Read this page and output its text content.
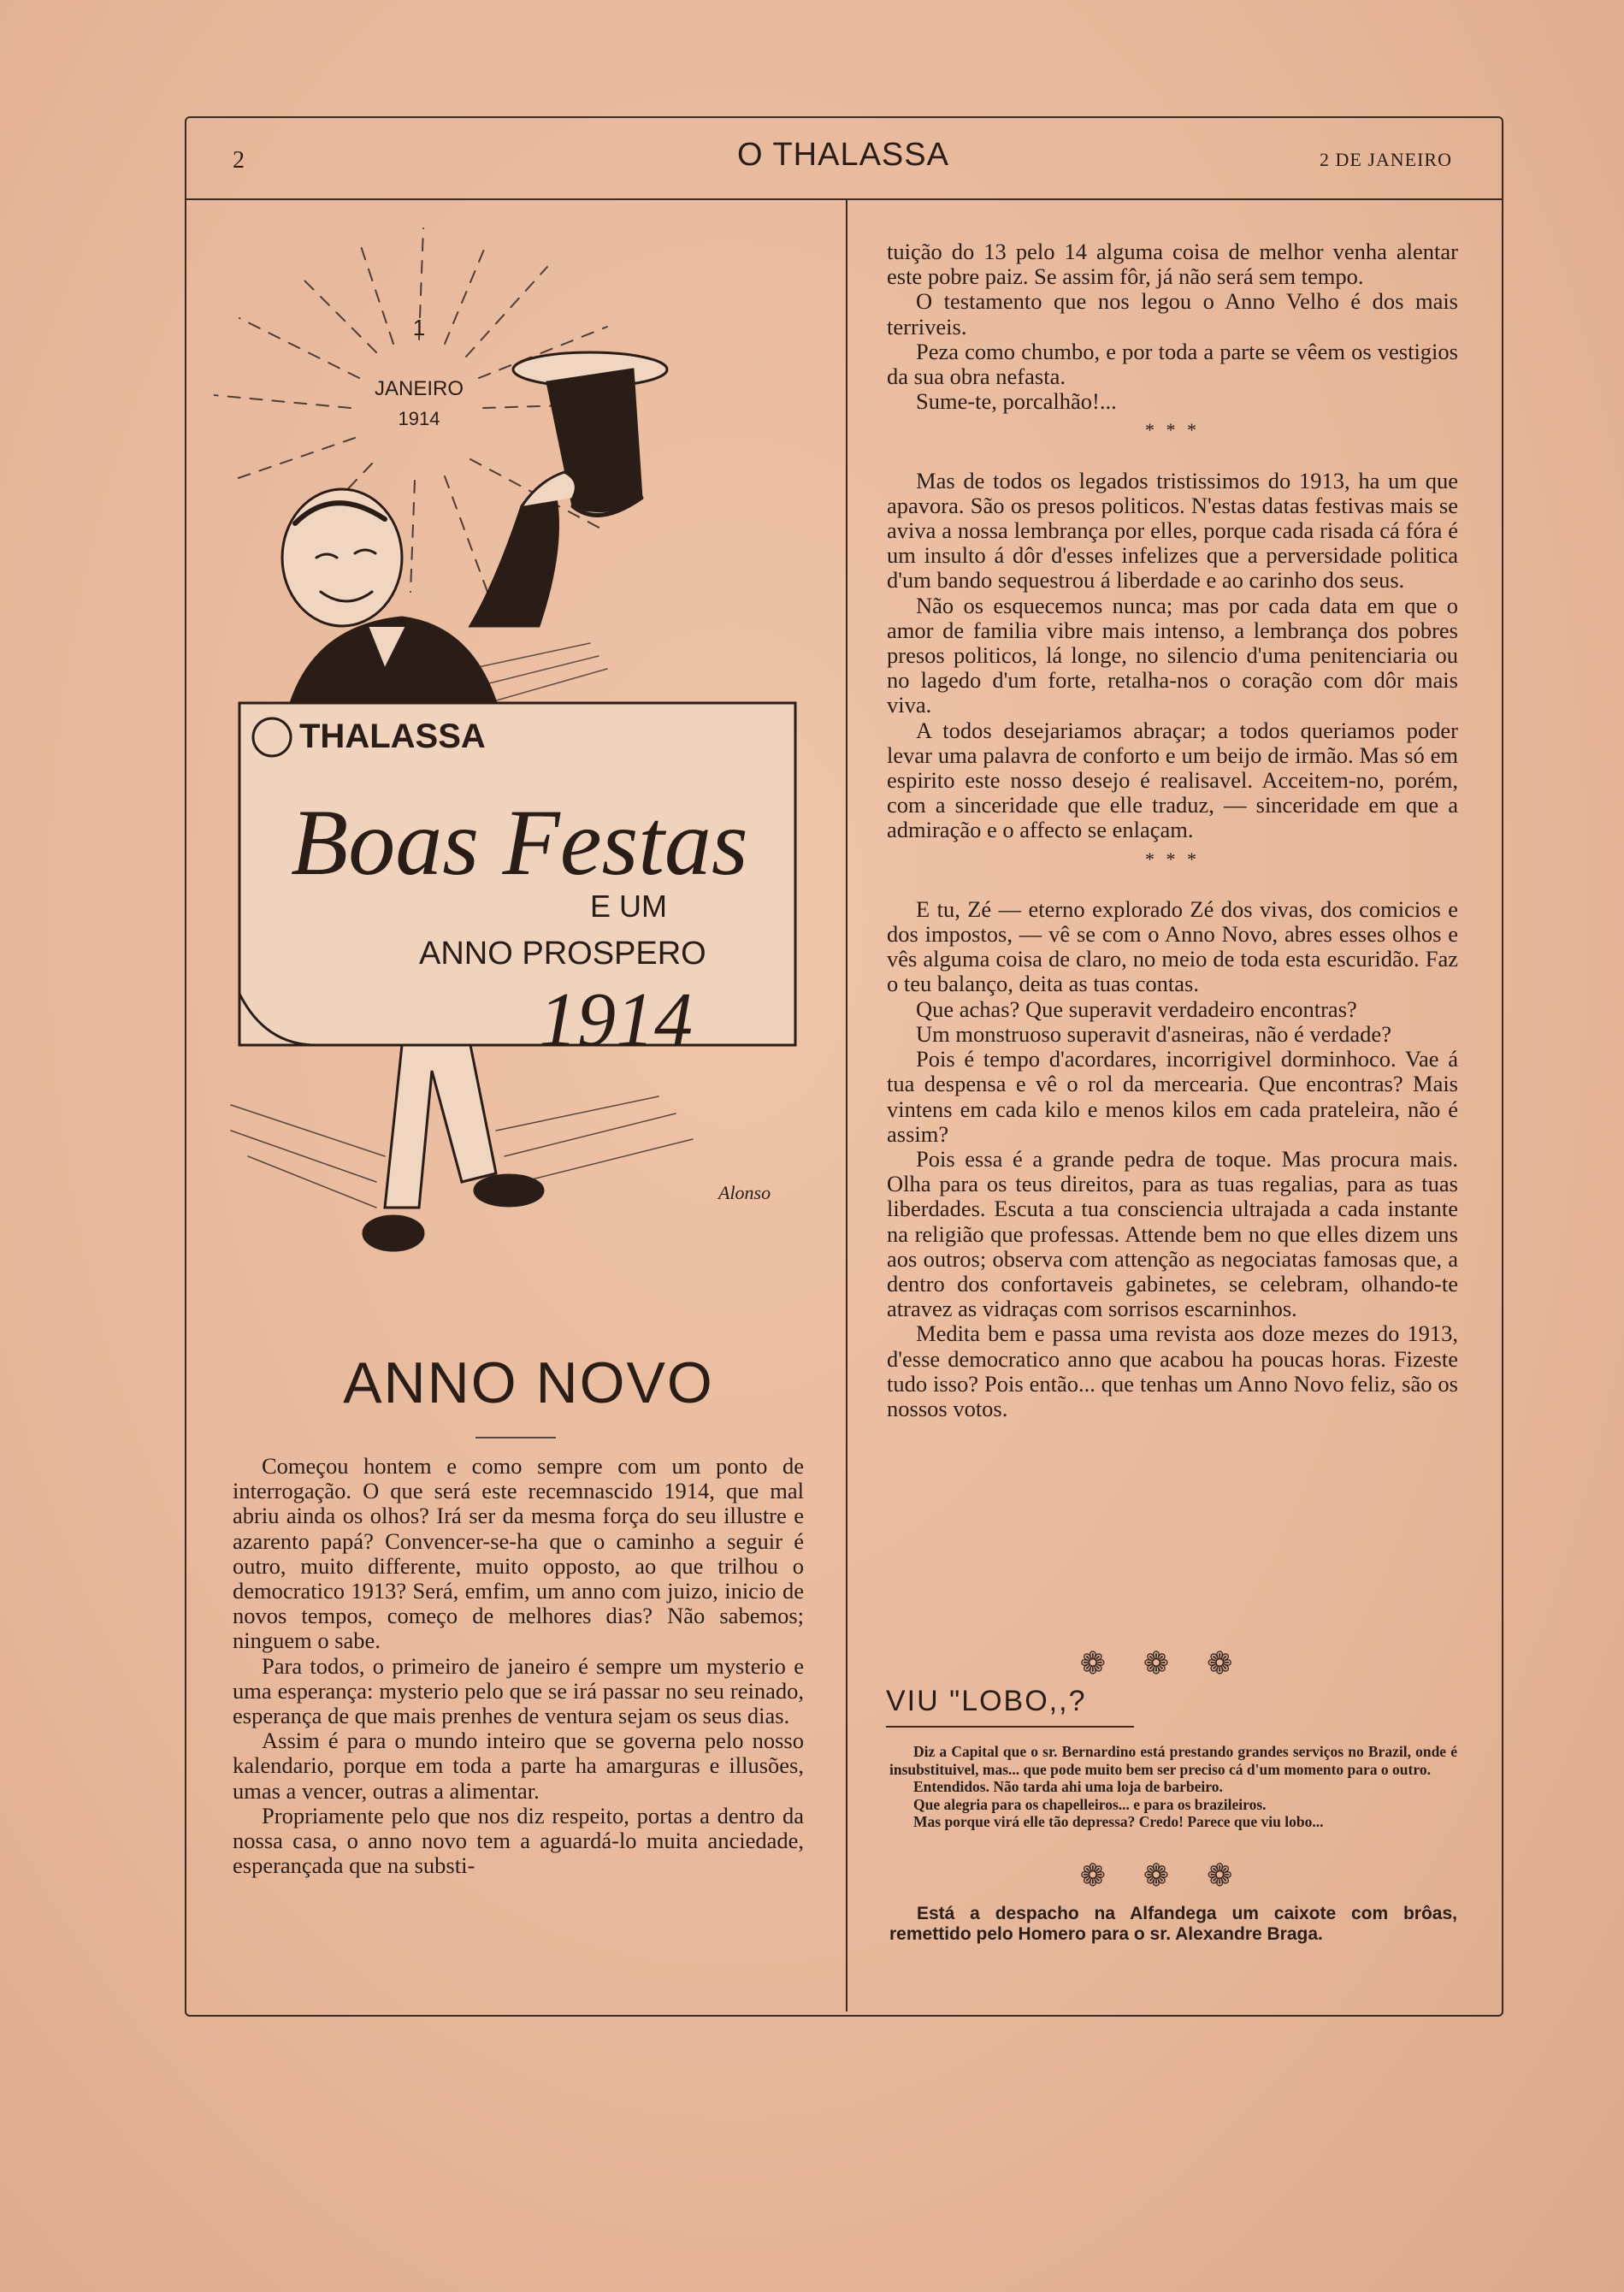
2	O THALASSA	2 DE JANEIRO
1
JANEIRO
1914
THALASSA
Boas Festas
E UM
ANNO PROSPERO
1914
Alonso
ANNO NOVO

Começou hontem e como sempre com um ponto de interrogação. O que será este recemnascido 1914, que mal abriu ainda os olhos? Irá ser da mesma força do seu illustre e azarento papá? Convencer-se-ha que o caminho a seguir é outro, muito differente, muito opposto, ao que trilhou o democratico 1913? Será, emfim, um anno com juizo, inicio de novos tempos, começo de melhores dias? Não sabemos; ninguem o sabe.

Para todos, o primeiro de janeiro é sempre um mysterio e uma esperança: mysterio pelo que se irá passar no seu reinado, esperança de que mais prenhes de ventura sejam os seus dias.

Assim é para o mundo inteiro que se governa pelo nosso kalendario, porque em toda a parte ha amarguras e illusões, umas a vencer, outras a alimentar.

Propriamente pelo que nos diz respeito, portas a dentro da nossa casa, o anno novo tem a aguardá-lo muita anciedade, esperançada que na substi-

tuição do 13 pelo 14 alguma coisa de melhor venha alentar este pobre paiz. Se assim fôr, já não será sem tempo.

O testamento que nos legou o Anno Velho é dos mais terriveis.

Peza como chumbo, e por toda a parte se vêem os vestigios da sua obra nefasta.

Sume-te, porcalhão!...

* * *

Mas de todos os legados tristissimos do 1913, ha um que apavora. São os presos politicos. N'estas datas festivas mais se aviva a nossa lembrança por elles, porque cada risada cá fóra é um insulto á dôr d'esses infelizes que a perversidade politica d'um bando sequestrou á liberdade e ao carinho dos seus.

Não os esquecemos nunca; mas por cada data em que o amor de familia vibre mais intenso, a lembrança dos pobres presos politicos, lá longe, no silencio d'uma penitenciaria ou no lagedo d'um forte, retalha-nos o coração com dôr mais viva.

A todos desejariamos abraçar; a todos queriamos poder levar uma palavra de conforto e um beijo de irmão. Mas só em espirito este nosso desejo é realisavel. Acceitem-no, porém, com a sinceridade que elle traduz, — sinceridade em que a admiração e o affecto se enlaçam.

* * *

E tu, Zé — eterno explorado Zé dos vivas, dos comicios e dos impostos, — vê se com o Anno Novo, abres esses olhos e vês alguma coisa de claro, no meio de toda esta escuridão. Faz o teu balanço, deita as tuas contas.

Que achas? Que superavit verdadeiro encontras?

Um monstruoso superavit d'asneiras, não é verdade?

Pois é tempo d'acordares, incorrigivel dorminhoco. Vae á tua despensa e vê o rol da mercearia. Que encontras? Mais vintens em cada kilo e menos kilos em cada prateleira, não é assim?

Pois essa é a grande pedra de toque. Mas procura mais. Olha para os teus direitos, para as tuas regalias, para as tuas liberdades. Escuta a tua consciencia ultrajada a cada instante na religião que professas. Attende bem no que elles dizem uns aos outros; observa com attenção as negociatas famosas que, a dentro dos confortaveis gabinetes, se celebram, olhando-te atravez as vidraças com sorrisos escarninhos.

Medita bem e passa uma revista aos doze mezes do 1913, d'esse democratico anno que acabou ha poucas horas. Fizeste tudo isso? Pois então... que tenhas um Anno Novo feliz, são os nossos votos.

❁❁❁
VIU "LOBO,,?

Diz a Capital que o sr. Bernardino está prestando grandes serviços no Brazil, onde é insubstituivel, mas... que pode muito bem ser preciso cá d'um momento para o outro.

Entendidos. Não tarda ahi uma loja de barbeiro.

Que alegria para os chapelleiros... e para os brazileiros.

Mas porque virá elle tão depressa? Credo! Parece que viu lobo...

❁❁❁

Está a despacho na Alfandega um caixote com brôas, remettido pelo Homero para o sr. Alexandre Braga.
